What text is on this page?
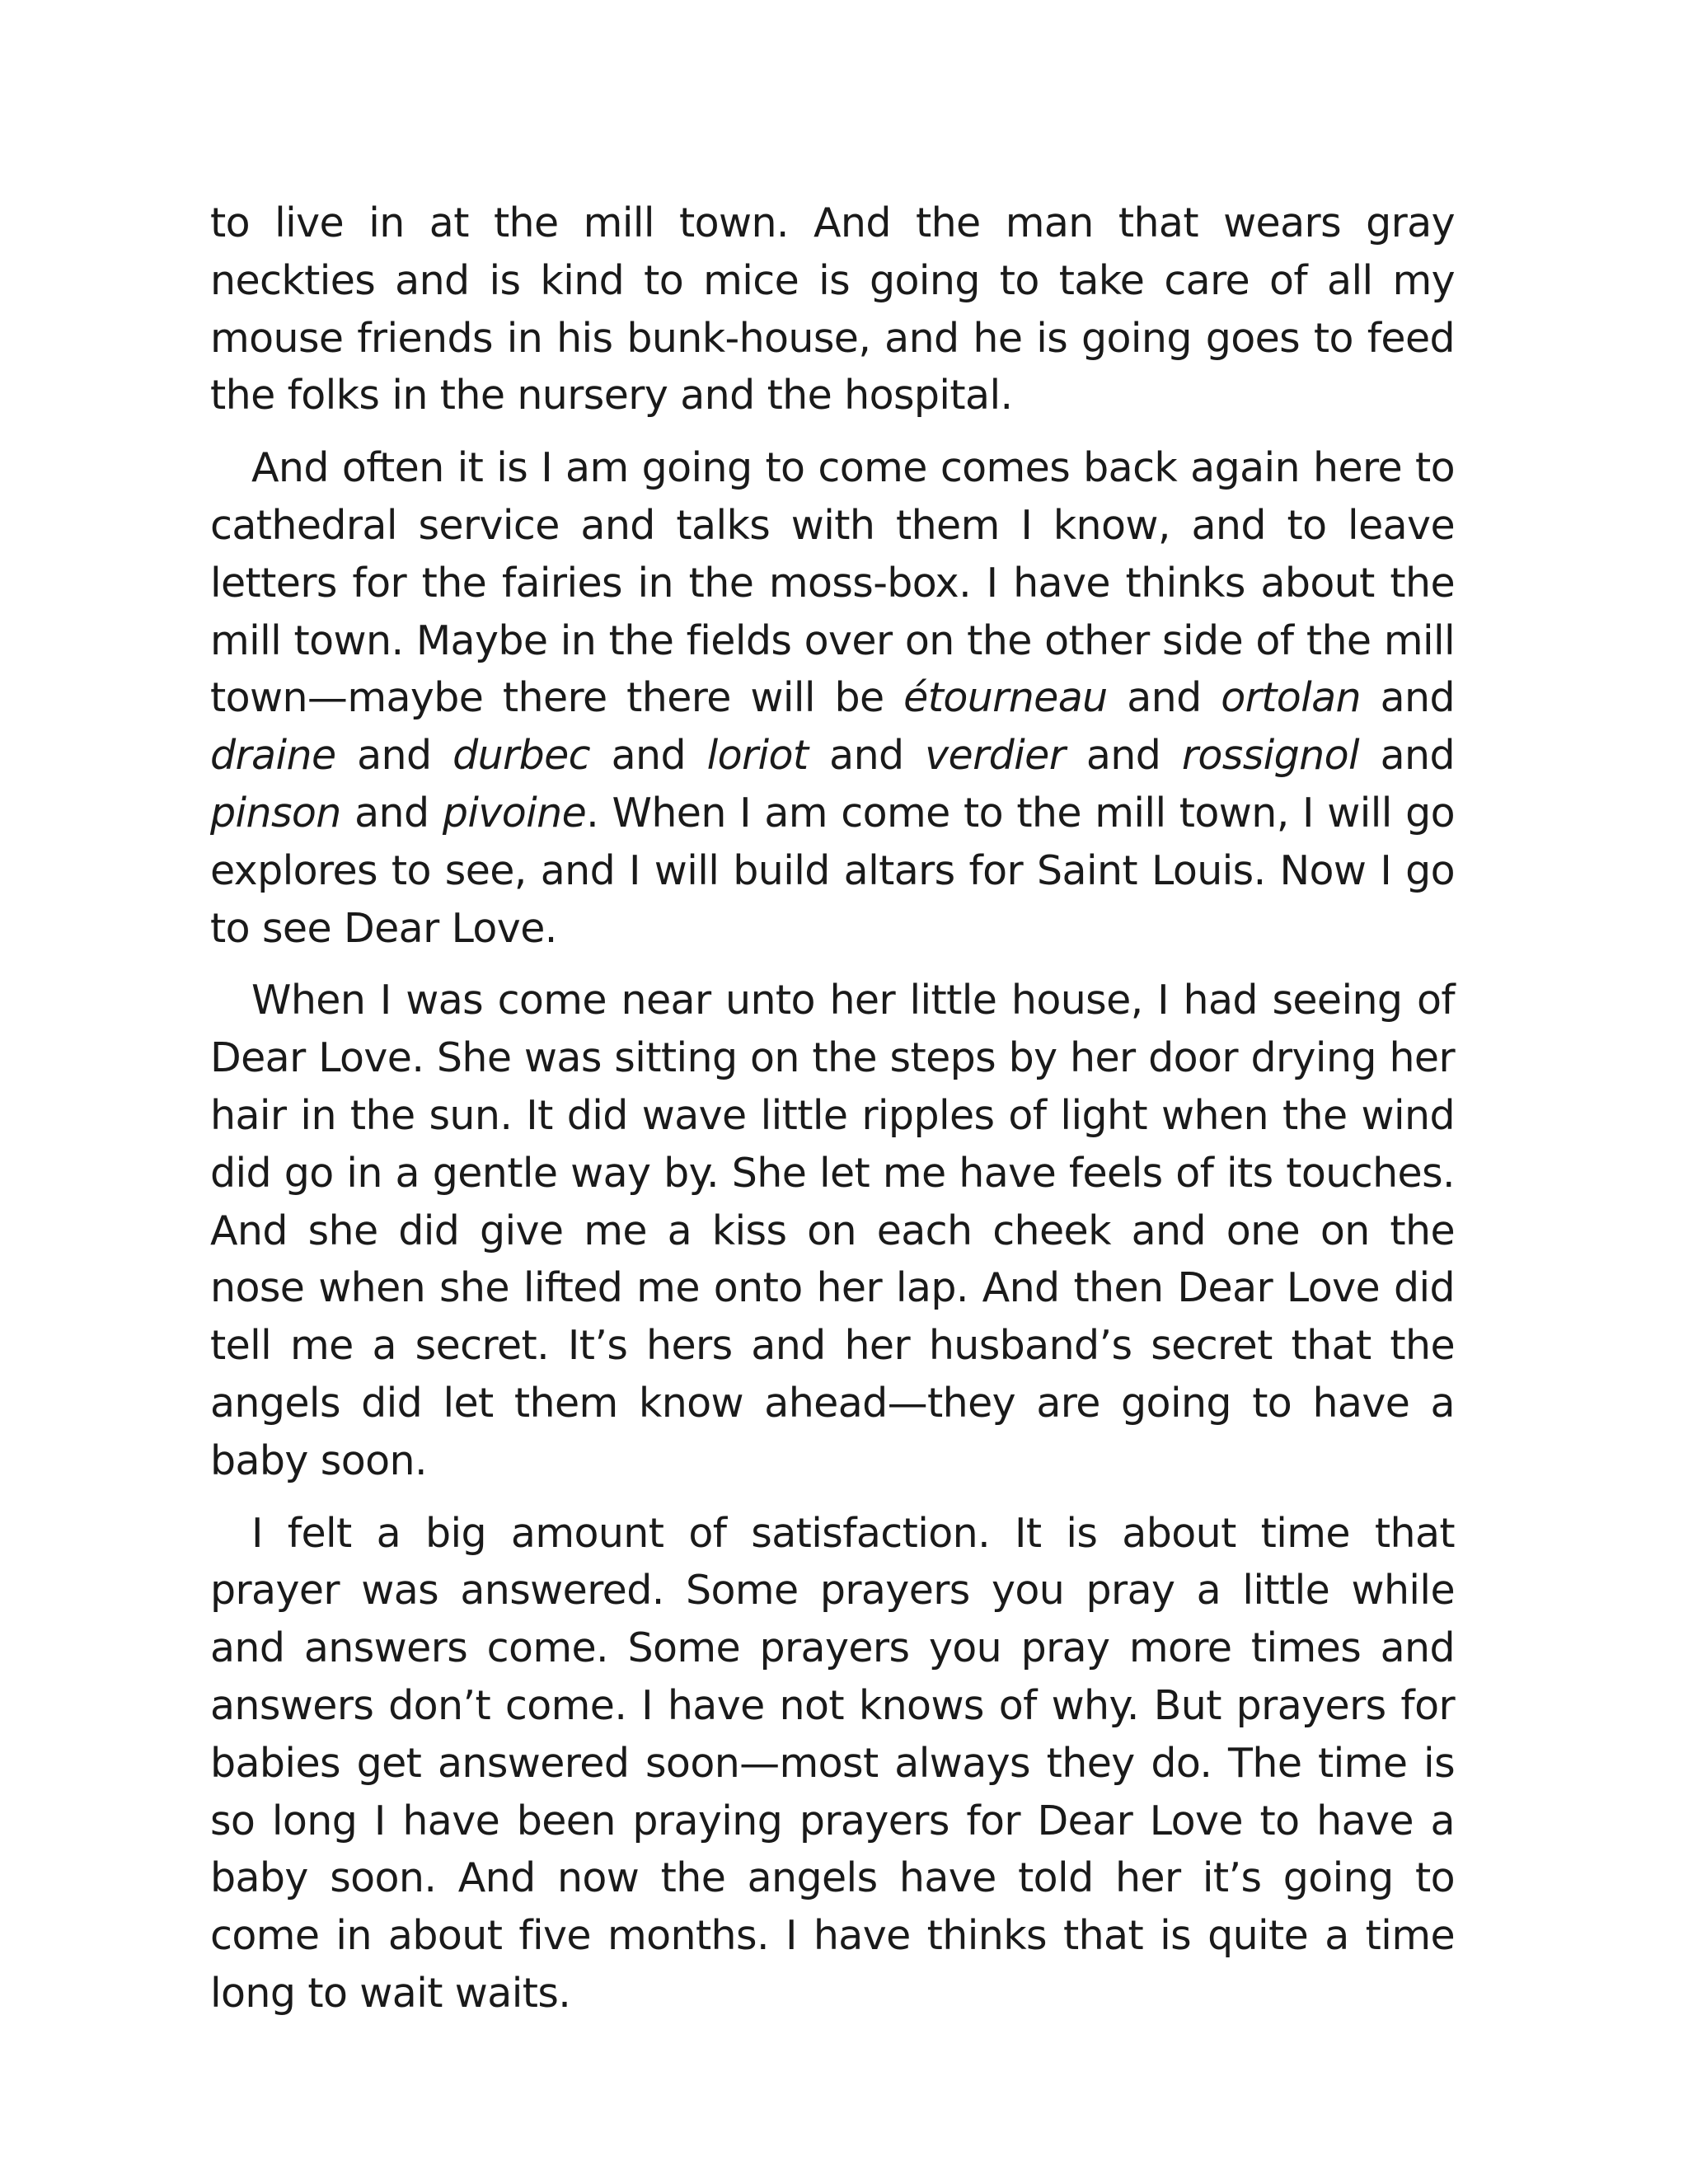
to live in at the mill town. And the man that wears gray neckties and is kind to mice is going to take care of all my mouse friends in his bunk-house, and he is going goes to feed the folks in the nursery and the hospital.

And often it is I am going to come comes back again here to cathedral service and talks with them I know, and to leave letters for the fairies in the moss-box. I have thinks about the mill town. Maybe in the fields over on the other side of the mill town—maybe there there will be étourneau and ortolan and draine and durbec and loriot and verdier and rossignol and pinson and pivoine. When I am come to the mill town, I will go explores to see, and I will build altars for Saint Louis. Now I go to see Dear Love.

When I was come near unto her little house, I had seeing of Dear Love. She was sitting on the steps by her door drying her hair in the sun. It did wave little ripples of light when the wind did go in a gentle way by. She let me have feels of its touches. And she did give me a kiss on each cheek and one on the nose when she lifted me onto her lap. And then Dear Love did tell me a secret. It’s hers and her husband’s secret that the angels did let them know ahead—they are going to have a baby soon.

I felt a big amount of satisfaction. It is about time that prayer was answered. Some prayers you pray a little while and answers come. Some prayers you pray more times and answers don’t come. I have not knows of why. But prayers for babies get answered soon—most always they do. The time is so long I have been praying prayers for Dear Love to have a baby soon. And now the angels have told her it’s going to come in about five months. I have thinks that is quite a time long to wait waits.
